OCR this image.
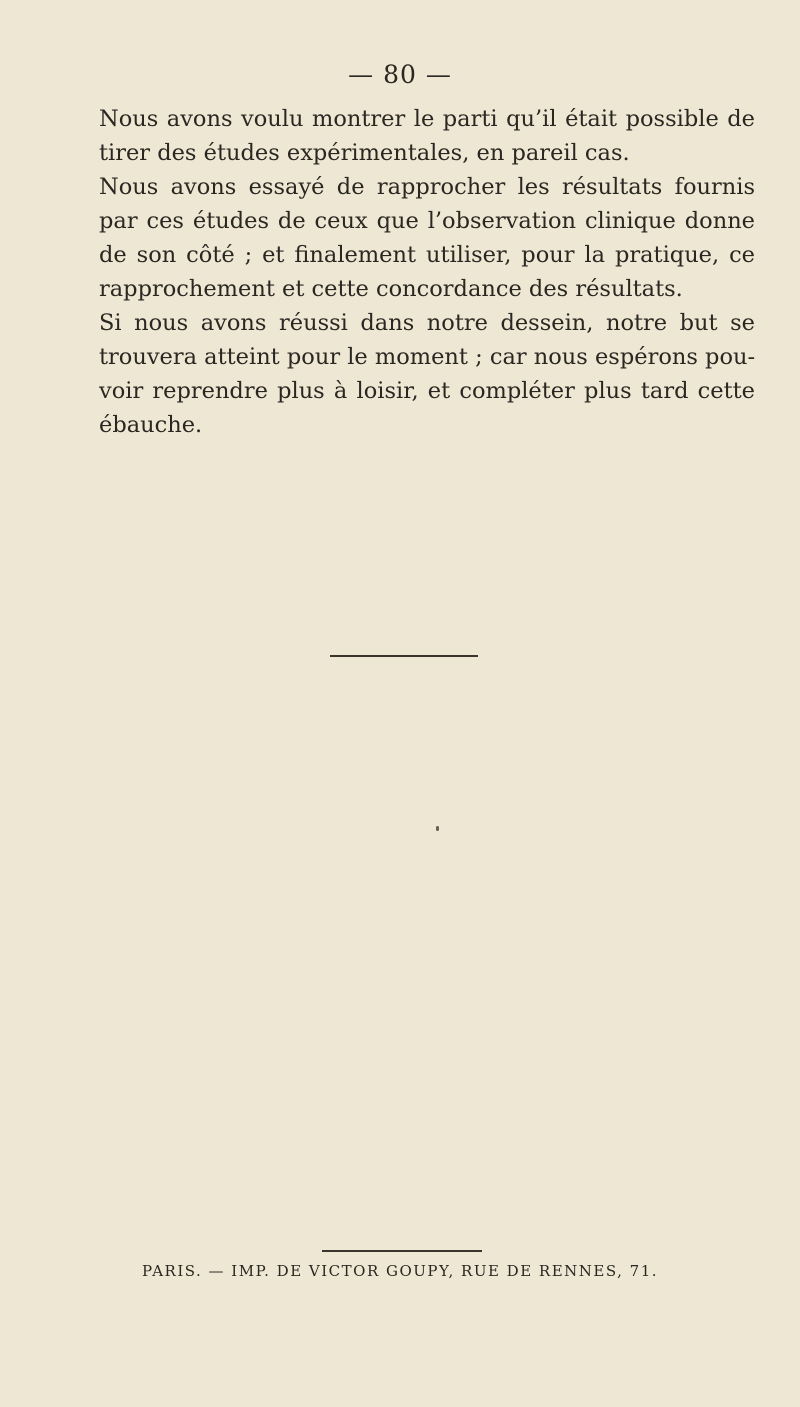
— 80 —

Nous avons voulu montrer le parti qu’il était possible de
tirer des études expérimentales, en pareil cas.

Nous avons essayé de rapprocher les résultats fournis
par ces études de ceux que l’observation clinique donne
de son côté ; et finalement utiliser, pour la pratique, ce
rapprochement et cette concordance des résultats.

Si nous avons réussi dans notre dessein, notre but se
trouvera atteint pour le moment ; car nous espérons pou-
voir reprendre plus à loisir, et compléter plus tard cette
ébauche.

PARIS. — IMP. DE VICTOR GOUPY, RUE DE RENNES, 71.
